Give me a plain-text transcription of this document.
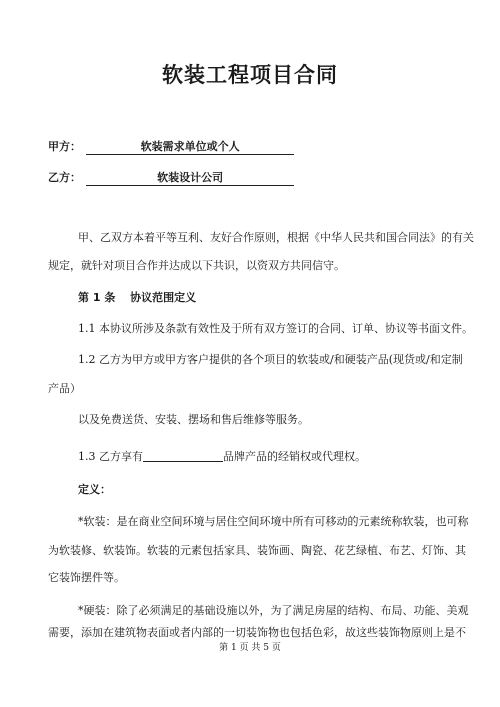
软装工程项目合同
甲方：	软装需求单位或个人
乙方：	软装设计公司
甲、乙双方本着平等互利、友好合作原则，根据《中华人民共和国合同法》的有关
规定，就针对项目合作并达成以下共识，以资双方共同信守。
第 1 条　 协议范围定义
1.1 本协议所涉及条款有效性及于所有双方签订的合同、订单、协议等书面文件。
1.2 乙方为甲方或甲方客户提供的各个项目的软装或/和硬装产品(现货或/和定制
产品）
以及免费送货、安装、摆场和售后维修等服务。
1.3 乙方享有	品牌产品的经销权或代理权。
定义：
*软装：是在商业空间环境与居住空间环境中所有可移动的元素统称软装，也可称
为软装修、软装饰。软装的元素包括家具、装饰画、陶瓷、花艺绿植、布艺、灯饰、其
它装饰摆件等。
*硬装：除了必须满足的基础设施以外，为了满足房屋的结构、布局、功能、美观
需要，添加在建筑物表面或者内部的一切装饰物也包括色彩，故这些装饰物原则上是不
第 1 页 共 5 页
